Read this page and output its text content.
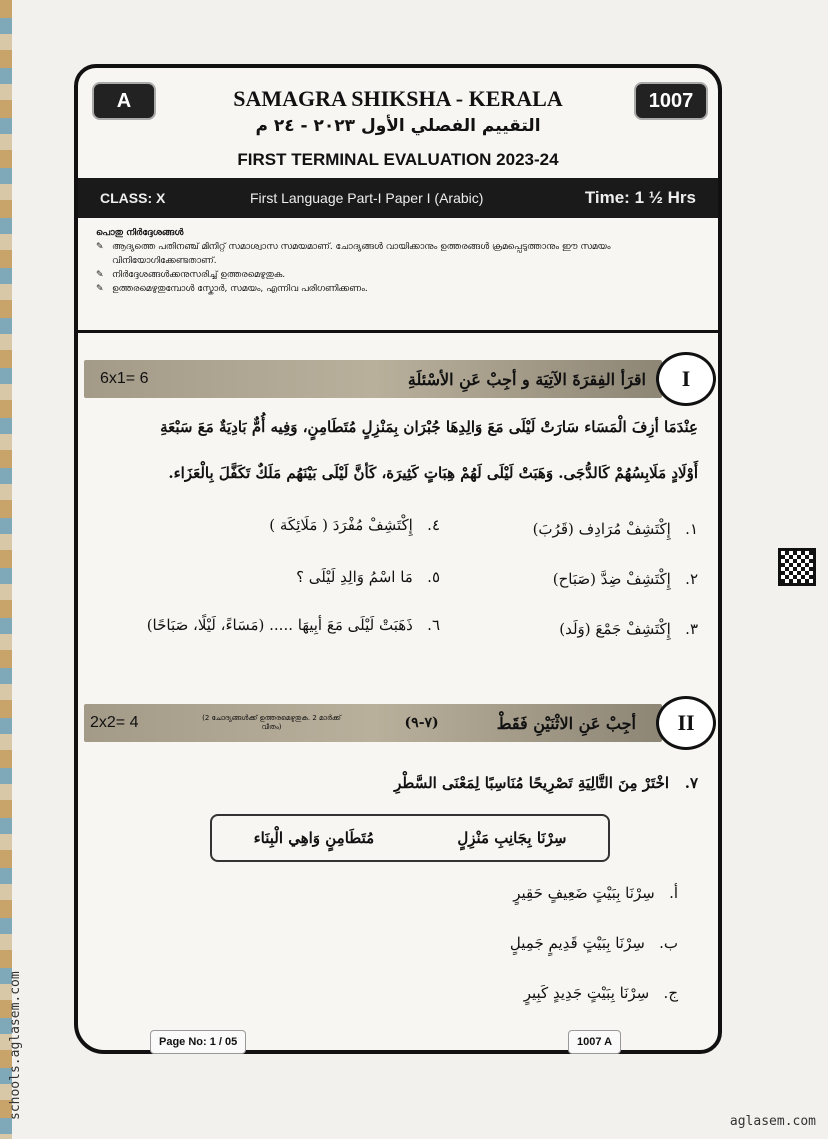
A	1007
SAMAGRA SHIKSHA - KERALA
التقييم الفصلي الأول ٢٠٢٣ - ٢٤ م
FIRST TERMINAL EVALUATION 2023-24
CLASS: X	First Language Part-I Paper I (Arabic)	Time: 1 ½ Hrs
പൊതു നിർദ്ദേശങ്ങൾ
✎ ആദ്യത്തെ പതിനഞ്ച് മിനിറ്റ് സമാശ്വാസ സമയമാണ്. ചോദ്യങ്ങൾ വായിക്കാനും ഉത്തരങ്ങൾ ക്രമപ്പെടുത്താനും ഈ സമയം വിനിയോഗിക്കേണ്ടതാണ്.
✎ നിർദ്ദേശങ്ങൾക്കനുസരിച്ച് ഉത്തരമെഴുതുക.
✎ ഉത്തരമെഴുതുമ്പോൾ സ്കോർ, സമയം, എന്നിവ പരിഗണിക്കണം.
6x1= 6	اقرَأ الفِقرَةَ الآتِيَة و أجِبْ عَنِ الأسْئلَةِ	I
عِنْدَمَا أزِفَ الْمَسَاء سَارَتْ لَيْلَى مَعَ وَالِدِهَا جُبْرَان بِمَنْزِلٍ مُتَطَامِنٍ، وَفِيه أُمٌّ بَادِيَةٌ مَعَ سَبْعَةِ
أَوْلَادٍ مَلَابِسُهُمْ كَالدُّجَى. وَهَبَتْ لَيْلَى لَهُمْ هِبَاتٍ كَثِيرَة، كَأنَّ لَيْلَى بَيْنَهُم مَلَكٌ تَكَفَّلَ بِالْعَزَاء.
١.   إِكْتَشِفْ مُرَادِف (قَرُبَ)
٢.   إِكْتَشِفْ ضِدَّ (صَبَاح)
٣.   إِكْتَشِفْ جَمْعَ (وَلَد)
٤.   إِكْتَشِفْ مُفْرَدَ ( مَلَائِكَة )
٥.   مَا اسْمُ وَالِدِ لَيْلَى ؟
٦.   ذَهَبَتْ لَيْلَى مَعَ أبِيهَا ..... (مَسَاءً، لَيْلًا، صَبَاحًا)
2x2= 4	(2 ചോദ്യങ്ങൾക്ക് ഉത്തരമെഴുതുക. 2 മാർക്ക് വീതം)	(٧-٩)	أجِبْ عَنِ الاثْنَيْنِ فَقَطْ	II
٧.   اخْتَرْ مِنَ التَّالِيَةِ تَصْرِيحًا مُنَاسِبًا لِمَعْنَى السَّطْرِ
سِرْنَا بِجَانِبِ مَنْزِلٍ
مُتَطَامِنٍ وَاهِي الْبِنَاء
أ.   سِرْنَا بِبَيْتٍ ضَعِيفٍ حَقِيرٍ
ب.   سِرْنَا بِبَيْتٍ قَدِيمٍ جَمِيلٍ
ج.   سِرْنَا بِبَيْتٍ جَدِيدٍ كَبِيرٍ
Page No: 1 / 05	1007 A
schools.aglasem.com
aglasem.com
